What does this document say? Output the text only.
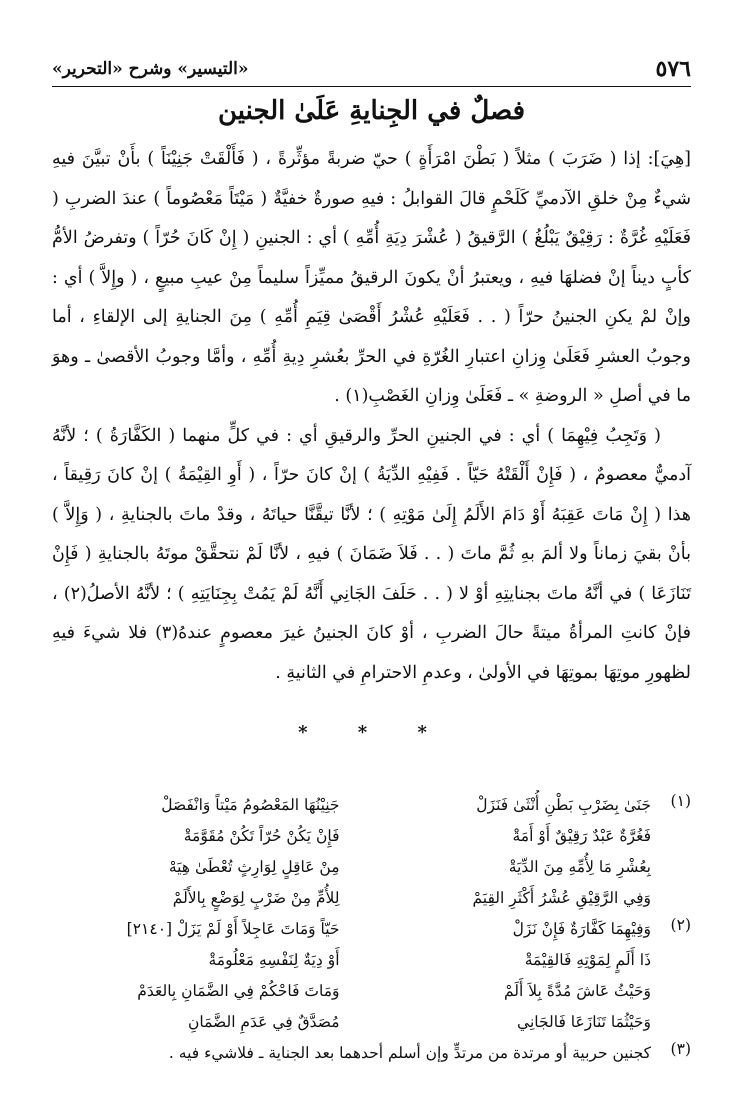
٥٧٦
«التيسير» وشرح «التحرير»
فصلٌ في الجِنايةِ عَلَىٰ الجنين

[هِيَ]: إذا ( ضَرَبَ ) مثلاً ( بَطْنَ امْرَأَةٍ ) حيّ ضربةً مؤثِّرةً ، ( فَأَلْقَتْ جَنِيْنَاً ) بأَنْ تبيَّنَ فيهِ شيءٌ مِنْ خلقِ الآدميِّ كَلَحْمٍ قالَ القوابلُ : فيهِ صورةٌ خفيَّةٌ ( مَيْتَاً مَعْصُوماً ) عندَ الضربِ ( فَعَلَيْهِ غُرَّةٌ : رَقِيْقٌ يَبْلُغُ ) الرَّقيقُ ( عُشْرَ دِيَةِ أُمِّهِ ) أي : الجنينِ ( إِنْ كَانَ حُرّاً ) وتفرضُ الأمُّ كأبٍ ديناً إنْ فضلهَا فيهِ ، ويعتبرُ أنْ يكونَ الرقيقُ مميِّزاً سليماً مِنْ عيبِ مبيعٍ ، ( وإِلاَّ ) أي : وإنْ لمْ يكنِ الجنينُ حرّاً ( . . فَعَلَيْهِ عُشْرُ أَقْصَىٰ قِيَمِ أُمِّهِ ) مِنَ الجنايةِ إلى الإلقاءِ ، أما وجوبُ العشرِ فَعَلَىٰ وِزانِ اعتبارِ الغُرّةِ في الحرِّ بعُشرِ دِيةِ أُمِّهِ ، وأمَّا وجوبُ الأقصىٰ ـ وهوَ ما في أصلِ « الروضةِ » ـ فَعَلَىٰ وِزانِ الغَصْبِ(١) .

( وَتَجِبُ فِيْهِمَا ) أي : في الجنينِ الحرِّ والرقيقِ أي : في كلٍّ منهما ( الكَفَّارَةُ ) ؛ لأنَّهُ آدميٌّ معصومٌ ، ( فَإِنْ أَلْقَتْهُ حَيّاً . فَفِيْهِ الدِّيَةُ ) إنْ كانَ حرّاً ، ( أَوِ القِيْمَةُ ) إنْ كانَ رَقِيقاً ، هذا ( إِنْ مَاتَ عَقِبَهُ أَوْ دَامَ الأَلَمُ إِلَىٰ مَوْتِهِ ) ؛ لأنَّا تيقَّنَّا حياتَهُ ، وقدْ ماتَ بالجنايةِ ، ( وَإِلاَّ ) بأنْ بقيَ زماناً ولا ألمَ بهِ ثُمَّ ماتَ ( . . فَلاَ ضَمَانَ ) فيهِ ، لأنَّا لَمْ نتحقَّقْ موتَهُ بالجنايةِ ( فَإِنْ تَنَازَعَا ) في أنَّهُ ماتَ بجنايتِهِ أوْ لا ( . . حَلَفَ الجَانِي أَنَّهُ لَمْ يَمُتْ بِجِنَايَتِهِ ) ؛ لأنَّهُ الأصلُ(٢) ، فإنْ كانتِ المرأةُ ميتةً حالَ الضربِ ، أوْ كانَ الجنينُ غيرَ معصومٍ عندهُ(٣) فلا شيءَ فيهِ لظهورِ موتِهَا بموتِهَا في الأولىٰ ، وعدمِ الاحترامِ في الثانيةِ .

* * *
(١)
جَنَىٰ بِضَرْبِ بَطْنِ أُنْثَىٰ فَنَزَلْ
جَنِيْنُهَا المَعْصُومُ مَيْتاً وَانْفَصَلْ
فَغُرَّةٌ عَبْدٌ رَقِيْقٌ أَوْ أَمَةْ
فَإِنْ يَكُنْ حُرّاً تَكُنْ مُقَوَّمَةْ
بِعُشْرِ مَا لِأُمِّهِ مِنَ الدِّيَةْ
مِنْ عَاقِلٍ لِوَارِثٍ تُعْطَىٰ هِيَهْ
وَفِي الرَّقِيْقِ عُشْرُ أَكْثَرِ القِيَمْ
لِلأُمِّ مِنْ ضَرْبٍ لِوَضْعٍ بِالأَلَمْ
(٢)
وَفِيْهِمَا كَفَّارَةٌ فَإِنْ نَزَلْ
حَيّاً وَمَاتَ عَاجِلاً أَوْ لَمْ يَزَلْ [٢١٤٠]
ذَا أَلَمٍ لِمَوْتِهِ فَالقِيْمَةْ
أَوْ دِيَةٌ لِنَفْسِهِ مَعْلُومَةْ
وَحَيْثُ عَاشَ مُدَّةً بِلاَ أَلَمْ
وَمَاتَ فَاحْكُمْ فِي الضَّمَانِ بِالعَدَمْ
وَحَيْثُمَا تَنَازَعَا فَالجَانِي
مُصَدَّقٌ فِي عَدَمِ الضَّمَانِ
(٣)
كجنين حربية أو مرتدة من مرتدٍّ وإن أسلم أحدهما بعد الجناية ـ فلاشيء فيه .
